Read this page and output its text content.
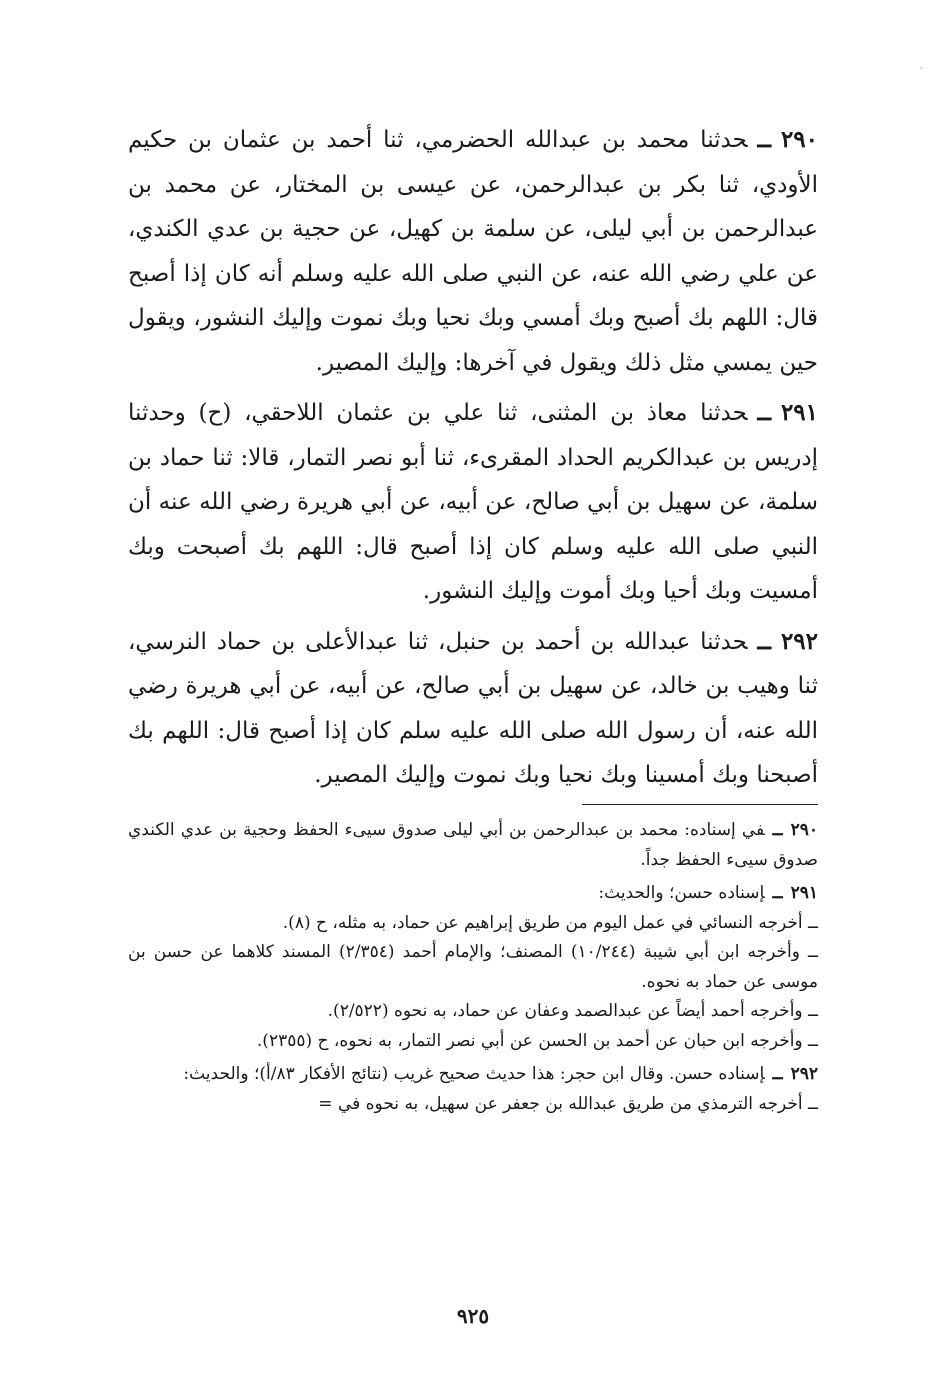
'

٢٩٠ــحدثنا محمد بن عبدالله الحضرمي، ثنا أحمد بن عثمان بن حكيم الأودي، ثنا بكر بن عبدالرحمن، عن عيسى بن المختار، عن محمد بن عبدالرحمن بن أبي ليلى، عن سلمة بن كهيل، عن حجية بن عدي الكندي، عن علي رضي الله عنه، عن النبي صلى الله عليه وسلم أنه كان إذا أصبح قال: اللهم بك أصبح وبك أمسي وبك نحيا وبك نموت وإليك النشور، ويقول حين يمسي مثل ذلك ويقول في آخرها: وإليك المصير.

٢٩١ــحدثنا معاذ بن المثنى، ثنا علي بن عثمان اللاحقي، (ح) وحدثنا إدريس بن عبدالكريم الحداد المقرىء، ثنا أبو نصر التمار، قالا: ثنا حماد بن سلمة، عن سهيل بن أبي صالح، عن أبيه، عن أبي هريرة رضي الله عنه أن النبي صلى الله عليه وسلم كان إذا أصبح قال: اللهم بك أصبحت وبك أمسيت وبك أحيا وبك أموت وإليك النشور.

٢٩٢ــحدثنا عبدالله بن أحمد بن حنبل، ثنا عبدالأعلى بن حماد النرسي، ثنا وهيب بن خالد، عن سهيل بن أبي صالح، عن أبيه، عن أبي هريرة رضي الله عنه، أن رسول الله صلى الله عليه سلم كان إذا أصبح قال: اللهم بك أصبحنا وبك أمسينا وبك نحيا وبك نموت وإليك المصير.

٢٩٠ــفي إسناده: محمد بن عبدالرحمن بن أبي ليلى صدوق سيىء الحفظ وحجية بن عدي الكندي صدوق سيىء الحفظ جداً.

٢٩١ــإسناده حسن؛ والحديث:

ــ أخرجه النسائي في عمل اليوم من طريق إبراهيم عن حماد، به مثله، ح (٨).

ــ وأخرجه ابن أبي شيبة (١٠/٢٤٤) المصنف؛ والإمام أحمد (٢/٣٥٤) المسند كلاهما عن حسن بن موسى عن حماد به نحوه.

ــ وأخرجه أحمد أيضاً عن عبدالصمد وعفان عن حماد، به نحوه (٢/٥٢٢).

ــ وأخرجه ابن حبان عن أحمد بن الحسن عن أبي نصر التمار، به نحوه، ح (٢٣٥٥).

٢٩٢ــإسناده حسن. وقال ابن حجر: هذا حديث صحيح غريب (نتائج الأفكار ٨٣/أ)؛ والحديث:

ــ أخرجه الترمذي من طريق عبدالله بن جعفر عن سهيل، به نحوه في =

٩٢٥
